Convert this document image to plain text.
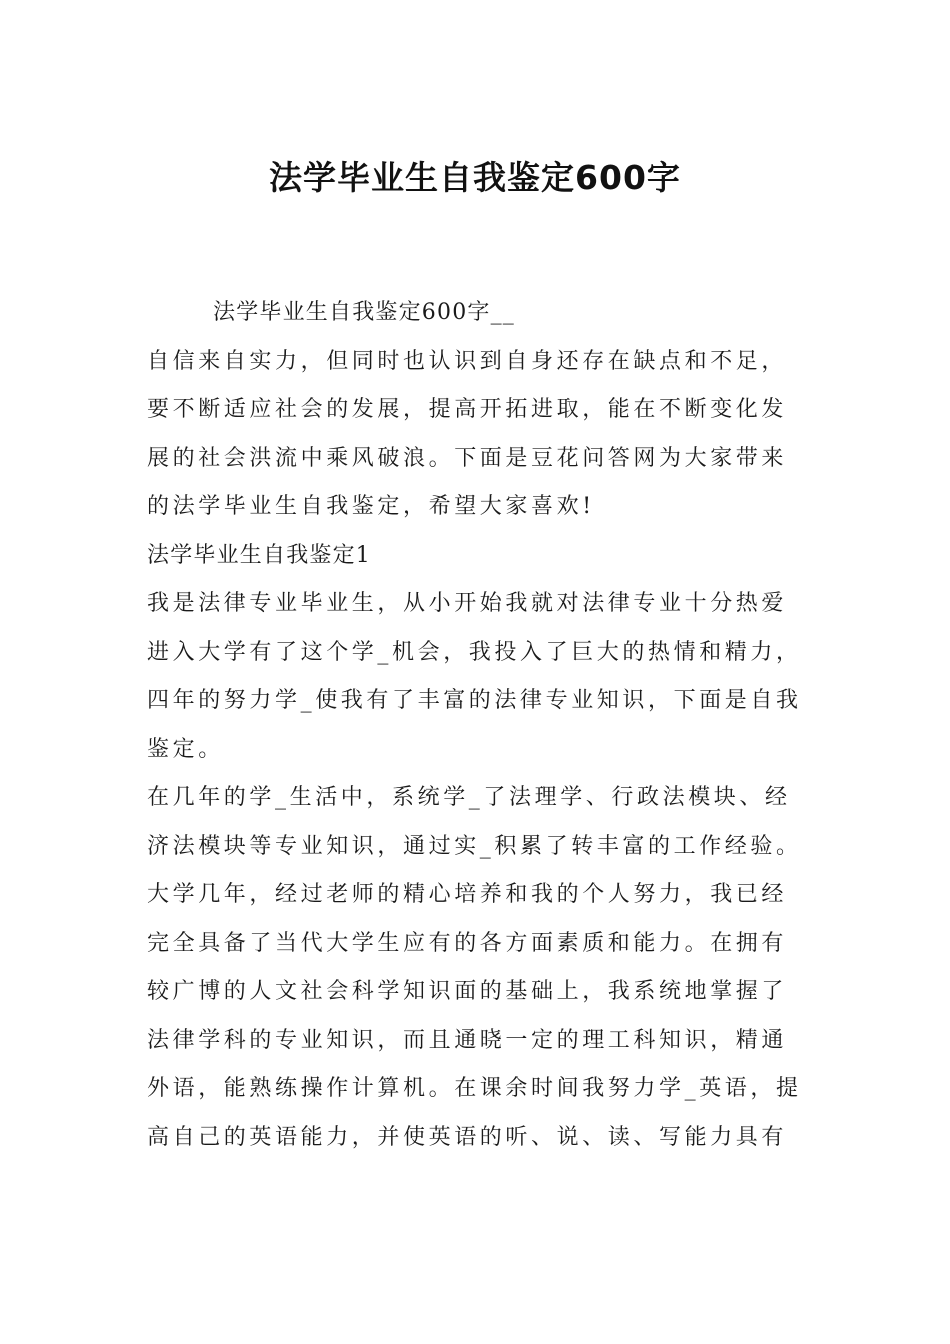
法学毕业生自我鉴定600字
法学毕业生自我鉴定600字__
自信来自实力，但同时也认识到自身还存在缺点和不足，
要不断适应社会的发展，提高开拓进取，能在不断变化发
展的社会洪流中乘风破浪。下面是豆花问答网为大家带来
的法学毕业生自我鉴定，希望大家喜欢!
法学毕业生自我鉴定1
我是法律专业毕业生，从小开始我就对法律专业十分热爱
进入大学有了这个学_机会，我投入了巨大的热情和精力，
四年的努力学_使我有了丰富的法律专业知识，下面是自我
鉴定。
在几年的学_生活中，系统学_了法理学、行政法模块、经
济法模块等专业知识，通过实_积累了转丰富的工作经验。
大学几年，经过老师的精心培养和我的个人努力，我已经
完全具备了当代大学生应有的各方面素质和能力。在拥有
较广博的人文社会科学知识面的基础上，我系统地掌握了
法律学科的专业知识，而且通晓一定的理工科知识，精通
外语，能熟练操作计算机。在课余时间我努力学_英语，提
高自己的英语能力，并使英语的听、说、读、写能力具有
